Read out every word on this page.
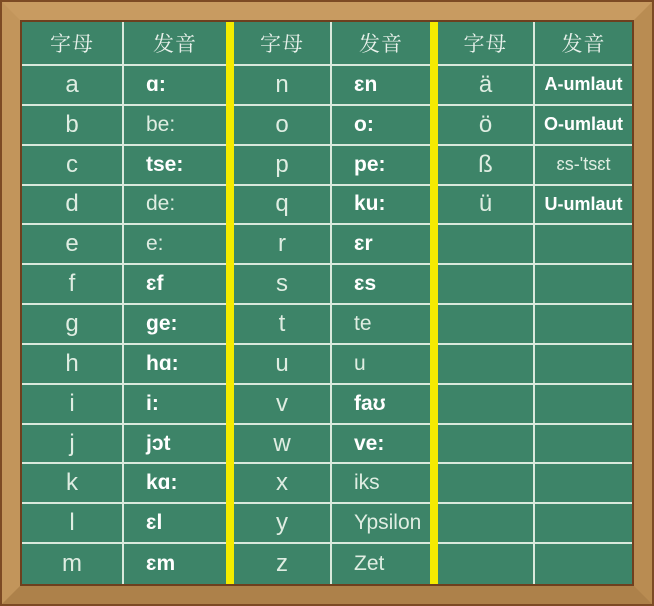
字母	发音
a	ɑ:
b	be:
c	tse:
d	de:
e	e:
f	ɛf
g	ge:
h	hɑ:
i	i:
j	jɔt
k	kɑ:
l	ɛl
m	ɛm
字母	发音
n	ɛn
o	o:
p	pe:
q	ku:
r	ɛr
s	ɛs
t	te
u	u
v	faʊ
w	ve:
x	iks
y	Ypsilon
z	Zet
字母	发音
ä	A-umlaut
ö	O-umlaut
ß	ɛs-'tsɛt
ü	U-umlaut
